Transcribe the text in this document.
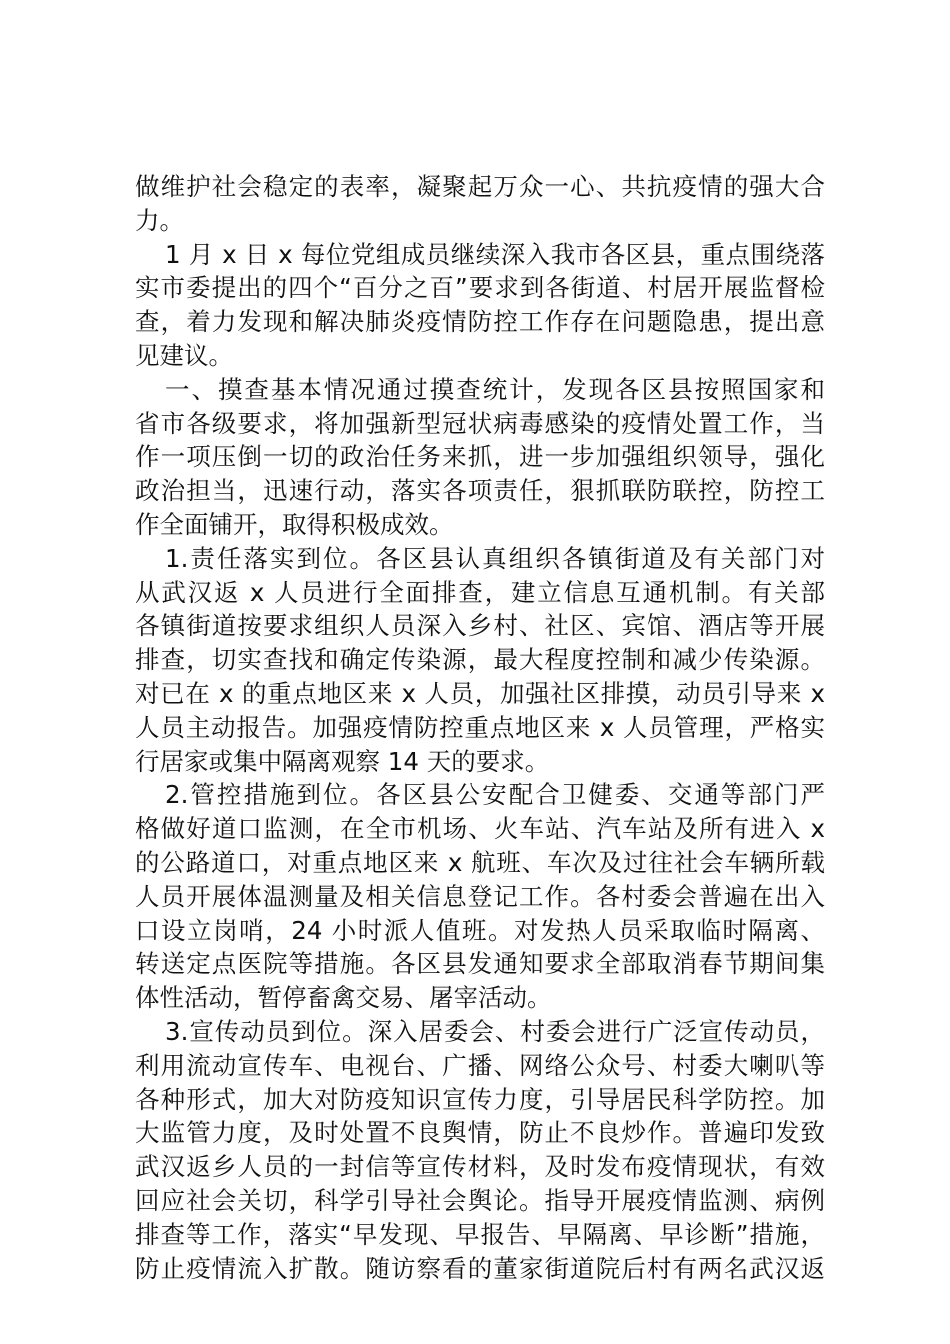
做维护社会稳定的表率，凝聚起万众一心、共抗疫情的强大合
力。
1 月 x 日 x 每位党组成员继续深入我市各区县，重点围绕落
实市委提出的四个“百分之百”要求到各街道、村居开展监督检
查，着力发现和解决肺炎疫情防控工作存在问题隐患，提出意
见建议。
一、摸查基本情况通过摸查统计，发现各区县按照国家和
省市各级要求，将加强新型冠状病毒感染的疫情处置工作，当
作一项压倒一切的政治任务来抓，进一步加强组织领导，强化
政治担当，迅速行动，落实各项责任，狠抓联防联控，防控工
作全面铺开，取得积极成效。
1.责任落实到位。各区县认真组织各镇街道及有关部门对
从武汉返 x 人员进行全面排查，建立信息互通机制。有关部
各镇街道按要求组织人员深入乡村、社区、宾馆、酒店等开展
排查，切实查找和确定传染源，最大程度控制和减少传染源。
对已在 x 的重点地区来 x 人员，加强社区排摸，动员引导来 x
人员主动报告。加强疫情防控重点地区来 x 人员管理，严格实
行居家或集中隔离观察 14 天的要求。
2.管控措施到位。各区县公安配合卫健委、交通等部门严
格做好道口监测，在全市机场、火车站、汽车站及所有进入 x
的公路道口，对重点地区来 x 航班、车次及过往社会车辆所载
人员开展体温测量及相关信息登记工作。各村委会普遍在出入
口设立岗哨，24 小时派人值班。对发热人员采取临时隔离、
转送定点医院等措施。各区县发通知要求全部取消春节期间集
体性活动，暂停畜禽交易、屠宰活动。
3.宣传动员到位。深入居委会、村委会进行广泛宣传动员，
利用流动宣传车、电视台、广播、网络公众号、村委大喇叭等
各种形式，加大对防疫知识宣传力度，引导居民科学防控。加
大监管力度，及时处置不良舆情，防止不良炒作。普遍印发致
武汉返乡人员的一封信等宣传材料，及时发布疫情现状，有效
回应社会关切，科学引导社会舆论。指导开展疫情监测、病例
排查等工作，落实“早发现、早报告、早隔离、早诊断”措施，
防止疫情流入扩散。随访察看的董家街道院后村有两名武汉返
